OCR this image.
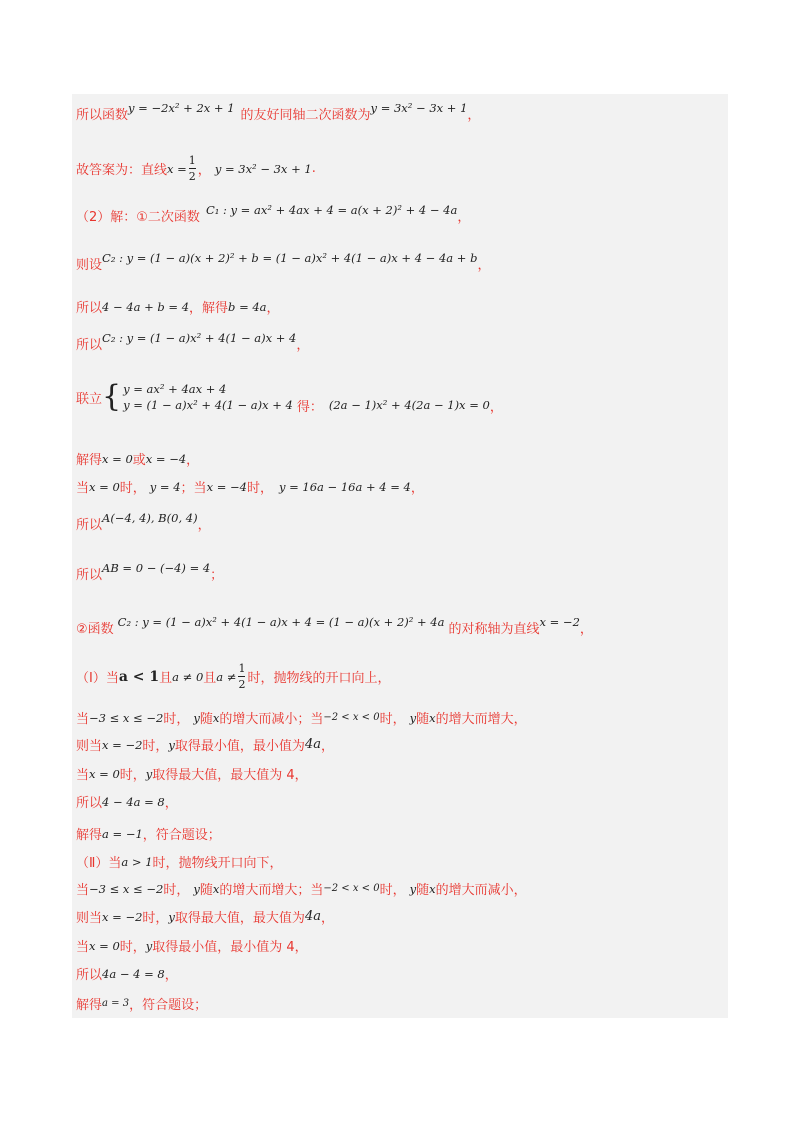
所以函数
y = −2x² + 2x + 1
的友好同轴二次函数为
y = 3x² − 3x + 1
，
故答案为：直线 $x = \frac{1}{2}$ ， y = 3x² − 3x + 1 .
（2）解：①二次函数
C₁ : y = ax² + 4ax + 4 = a(x + 2)² + 4 − 4a
，
则设
C₂ : y = (1 − a)(x + 2)² + b = (1 − a)x² + 4(1 − a)x + 4 − 4a + b
，
所以 4 − 4a + b = 4 ，解得 b = 4a ，
所以
C₂ : y = (1 − a)x² + 4(1 − a)x + 4
，
联立 { y = ax² + 4ax + 4
y = (1 − a)x² + 4(1 − a)x + 4 得： (2a − 1)x² + 4(2a − 1)x = 0 ，
解得 x = 0 或 x = −4 ，
当 x = 0 时， y = 4 ；当 x = −4 时， y = 16a − 16a + 4 = 4 ，
所以
A(−4, 4), B(0, 4)
，
所以
AB = 0 − (−4) = 4
；
②函数
C₂ : y = (1 − a)x² + 4(1 − a)x + 4 = (1 − a)(x + 2)² + 4a
的对称轴为直线
x = −2
，
（Ⅰ）当 a < 1 且 a ≠ 0 且 $a \ne \frac{1}{2}$ 时，抛物线的开口向上，
当 −3 ≤ x ≤ −2 时， y 随 x 的增大而减小；当 −2 < x < 0 时， y 随 x 的增大而增大，
则当 x = −2 时， y 取得最小值，最小值为 4a ，
当 x = 0 时， y 取得最大值，最大值为 4，
所以 4 − 4a = 8 ，
解得 a = −1 ，符合题设；
（Ⅱ）当 a > 1 时，抛物线开口向下，
当 −3 ≤ x ≤ −2 时， y 随 x 的增大而增大；当 −2 < x < 0 时， y 随 x 的增大而减小，
则当 x = −2 时， y 取得最大值，最大值为 4a ，
当 x = 0 时， y 取得最小值，最小值为 4，
所以 4a − 4 = 8 ，
解得 a = 3 ，符合题设；
